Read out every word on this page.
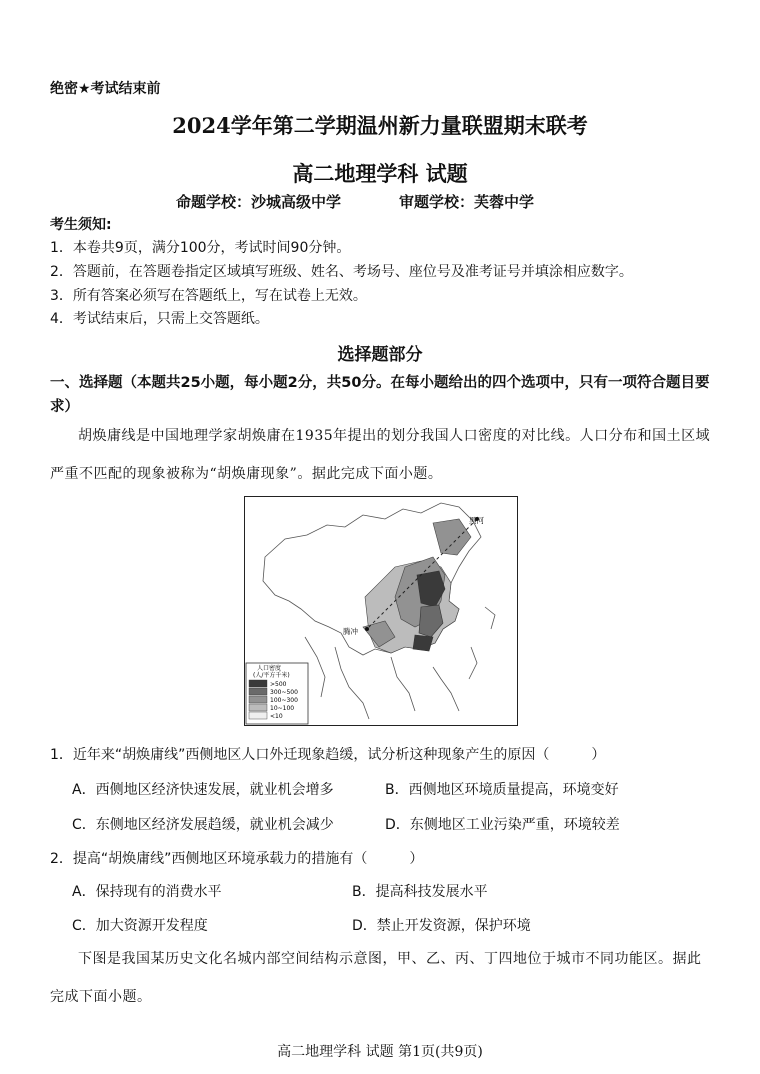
绝密★考试结束前
2024学年第二学期温州新力量联盟期末联考
高二地理学科 试题
命题学校：沙城高级中学	审题学校：芙蓉中学
考生须知:
1．本卷共9页，满分100分，考试时间90分钟。
2．答题前，在答题卷指定区域填写班级、姓名、考场号、座位号及准考证号并填涂相应数字。
3．所有答案必须写在答题纸上，写在试卷上无效。
4．考试结束后，只需上交答题纸。
选择题部分
一、选择题（本题共25小题，每小题2分，共50分。在每小题给出的四个选项中，只有一项符合题目要求）
胡焕庸线是中国地理学家胡焕庸在1935年提出的划分我国人口密度的对比线。人口分布和国土区域严重不匹配的现象被称为“胡焕庸现象”。据此完成下面小题。
黑河
腾冲
人口密度
(人/平方千米)
>500
300~500
100~300
10~100
<10
1．近年来“胡焕庸线”西侧地区人口外迁现象趋缓，试分析这种现象产生的原因（　　　）
A．西侧地区经济快速发展，就业机会增多	B．西侧地区环境质量提高，环境变好
C．东侧地区经济发展趋缓，就业机会减少	D．东侧地区工业污染严重，环境较差
2．提高“胡焕庸线”西侧地区环境承载力的措施有（　　　）
A．保持现有的消费水平	B．提高科技发展水平
C．加大资源开发程度	D．禁止开发资源，保护环境
下图是我国某历史文化名城内部空间结构示意图，甲、乙、丙、丁四地位于城市不同功能区。据此完成下面小题。
高二地理学科 试题 第1页(共9页)
